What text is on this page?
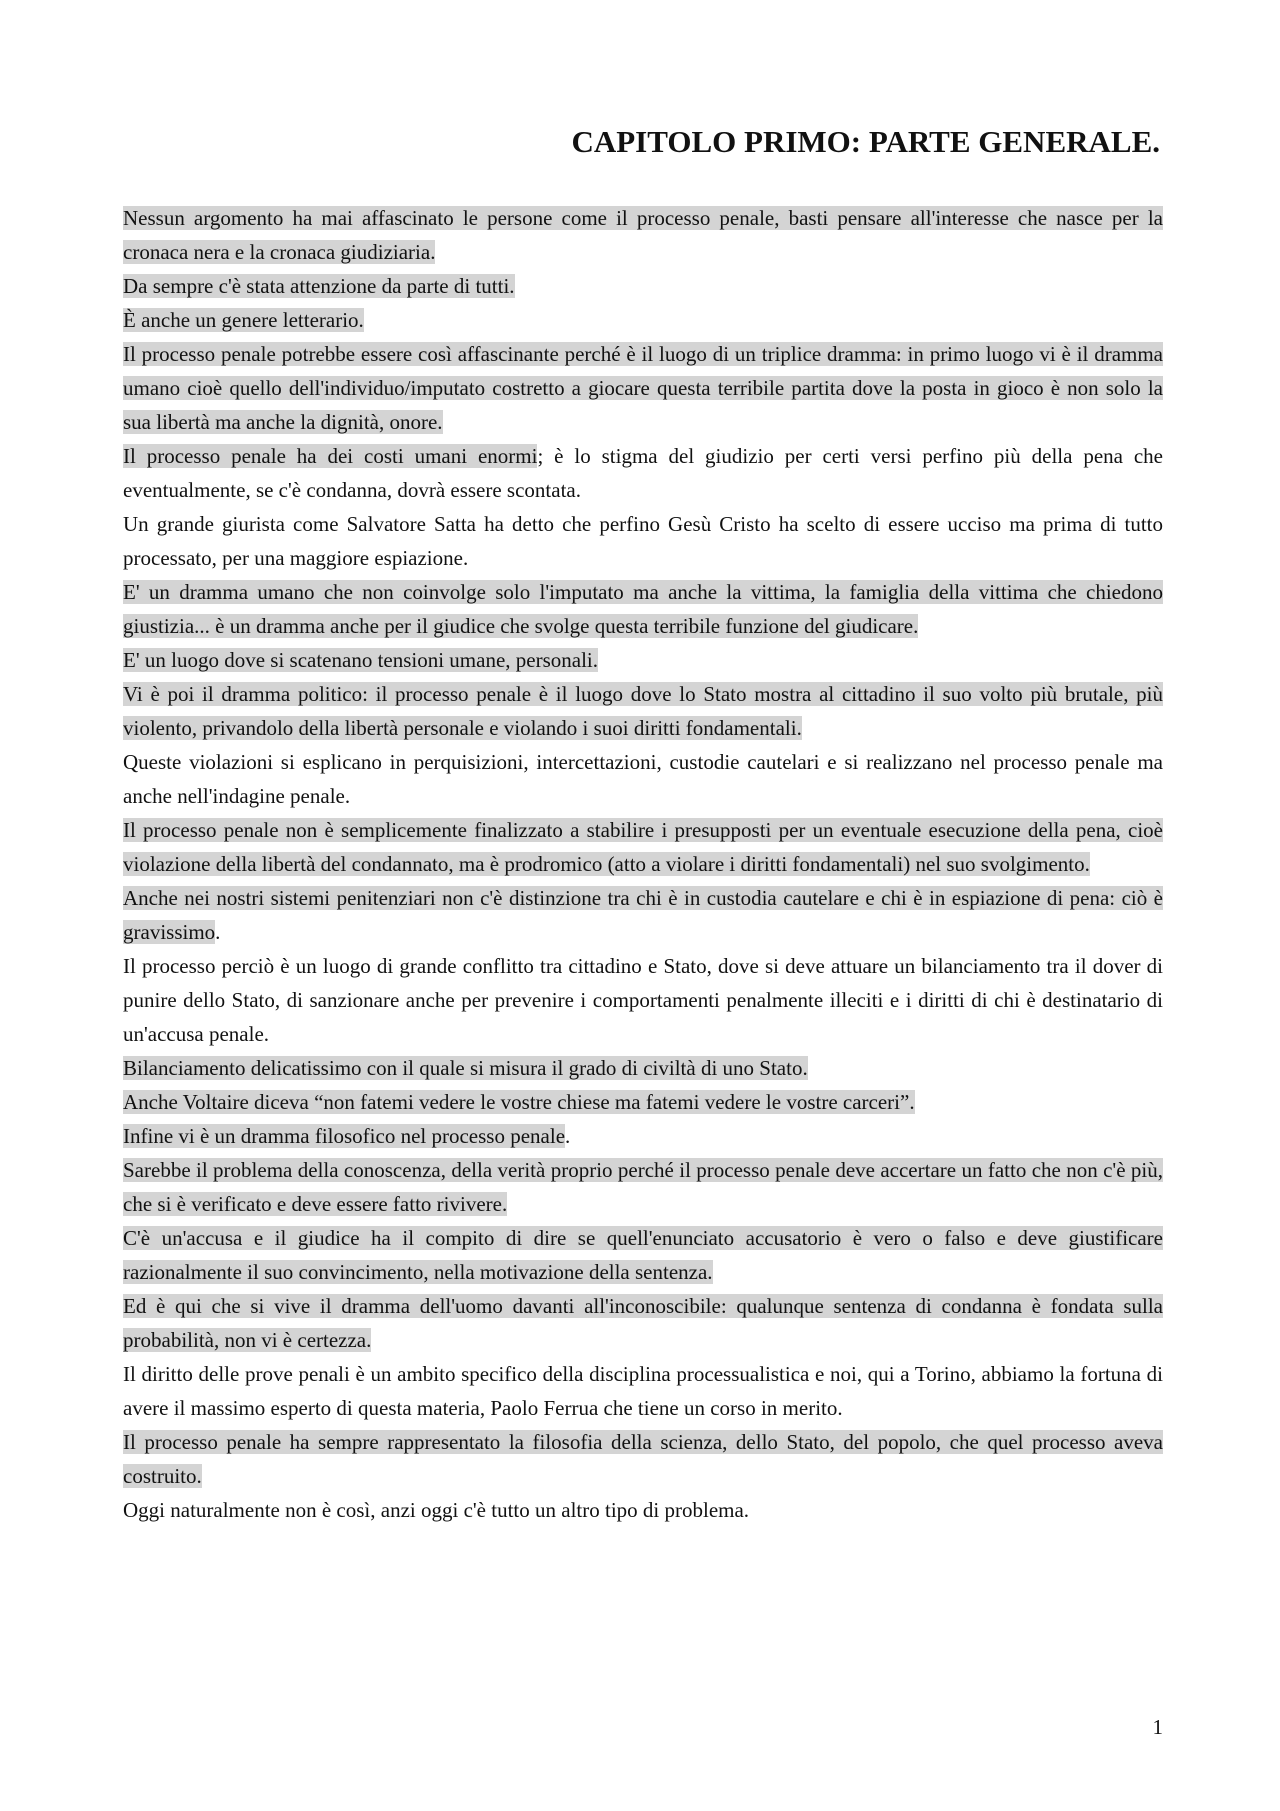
CAPITOLO PRIMO: PARTE GENERALE.

Nessun argomento ha mai affascinato le persone come il processo penale, basti pensare all'interesse che nasce per la cronaca nera e la cronaca giudiziaria.

Da sempre c'è stata attenzione da parte di tutti.

È anche un genere letterario.

Il processo penale potrebbe essere così affascinante perché è il luogo di un triplice dramma: in primo luogo vi è il dramma umano cioè quello dell'individuo/imputato costretto a giocare questa terribile partita dove la posta in gioco è non solo la sua libertà ma anche la dignità, onore.

Il processo penale ha dei costi umani enormi; è lo stigma del giudizio per certi versi perfino più della pena che eventualmente, se c'è condanna, dovrà essere scontata.

Un grande giurista come Salvatore Satta ha detto che perfino Gesù Cristo ha scelto di essere ucciso ma prima di tutto processato, per una maggiore espiazione.

E' un dramma umano che non coinvolge solo l'imputato ma anche la vittima, la famiglia della vittima che chiedono giustizia... è un dramma anche per il giudice che svolge questa terribile funzione del giudicare.

E' un luogo dove si scatenano tensioni umane, personali.

Vi è poi il dramma politico: il processo penale è il luogo dove lo Stato mostra al cittadino il suo volto più brutale, più violento, privandolo della libertà personale e violando i suoi diritti fondamentali.

Queste violazioni si esplicano in perquisizioni, intercettazioni, custodie cautelari e si realizzano nel processo penale ma anche nell'indagine penale.

Il processo penale non è semplicemente finalizzato a stabilire i presupposti per un eventuale esecuzione della pena, cioè violazione della libertà del condannato, ma è prodromico (atto a violare i diritti fondamentali) nel suo svolgimento.

Anche nei nostri sistemi penitenziari non c'è distinzione tra chi è in custodia cautelare e chi è in espiazione di pena: ciò è gravissimo.

Il processo perciò è un luogo di grande conflitto tra cittadino e Stato, dove si deve attuare un bilanciamento tra il dover di punire dello Stato, di sanzionare anche per prevenire i comportamenti penalmente illeciti e i diritti di chi è destinatario di un'accusa penale.

Bilanciamento delicatissimo con il quale si misura il grado di civiltà di uno Stato.

Anche Voltaire diceva “non fatemi vedere le vostre chiese ma fatemi vedere le vostre carceri”.

Infine vi è un dramma filosofico nel processo penale.

Sarebbe il problema della conoscenza, della verità proprio perché il processo penale deve accertare un fatto che non c'è più, che si è verificato e deve essere fatto rivivere.

C'è un'accusa e il giudice ha il compito di dire se quell'enunciato accusatorio è vero o falso e deve giustificare razionalmente il suo convincimento, nella motivazione della sentenza.

Ed è qui che si vive il dramma dell'uomo davanti all'inconoscibile: qualunque sentenza di condanna è fondata sulla probabilità, non vi è certezza.

Il diritto delle prove penali è un ambito specifico della disciplina processualistica e noi, qui a Torino, abbiamo la fortuna di avere il massimo esperto di questa materia, Paolo Ferrua che tiene un corso in merito.

Il processo penale ha sempre rappresentato la filosofia della scienza, dello Stato, del popolo, che quel processo aveva costruito.

Oggi naturalmente non è così, anzi oggi c'è tutto un altro tipo di problema.

1
